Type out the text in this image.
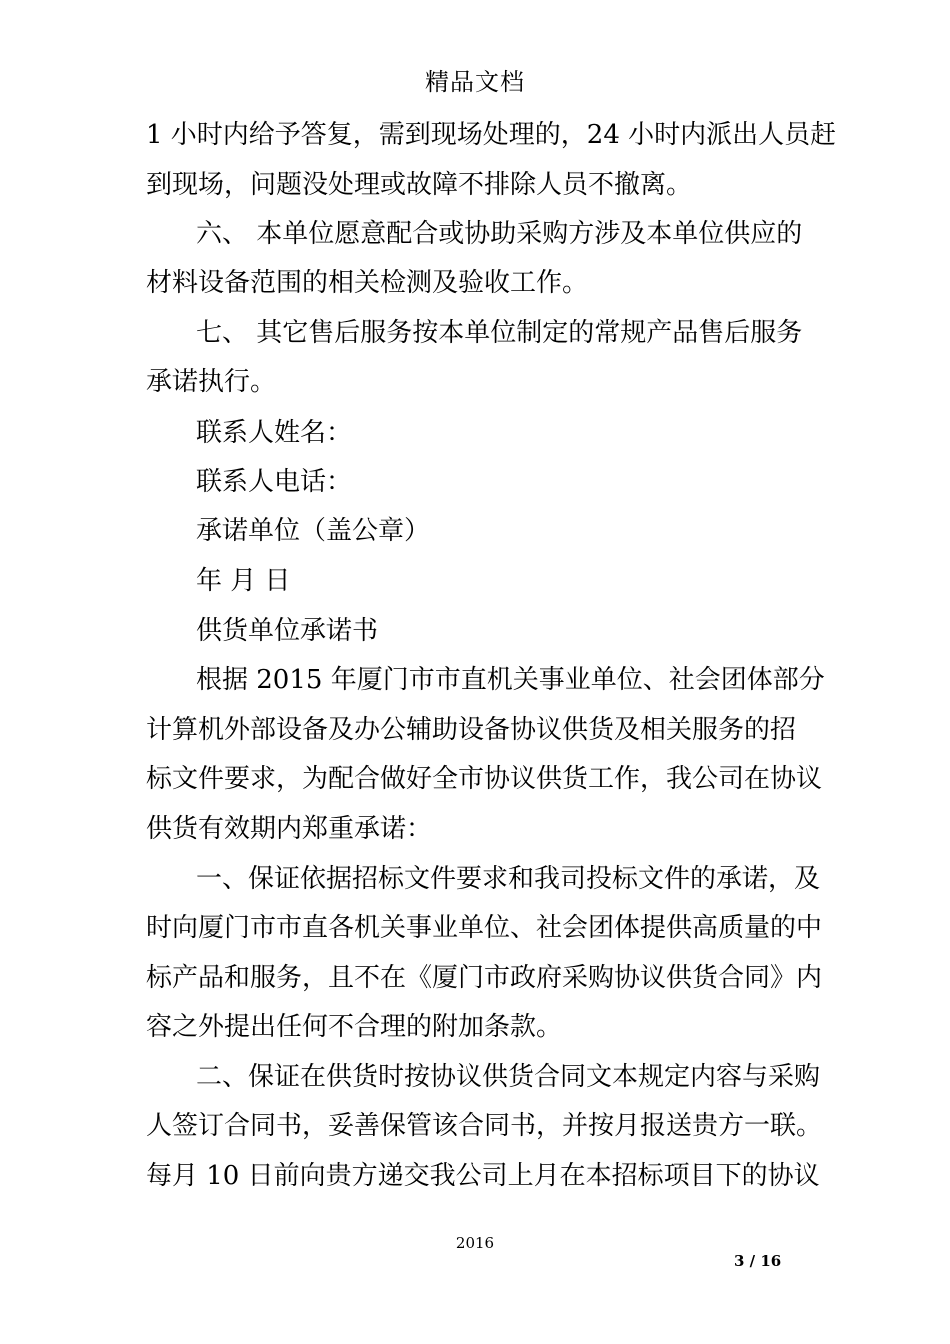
精品文档
1 小时内给予答复，需到现场处理的，24 小时内派出人员赶
到现场，问题没处理或故障不排除人员不撤离。
六、 本单位愿意配合或协助采购方涉及本单位供应的
材料设备范围的相关检测及验收工作。
七、 其它售后服务按本单位制定的常规产品售后服务
承诺执行。
联系人姓名：
联系人电话：
承诺单位（盖公章）
年 月 日
供货单位承诺书
根据 2015 年厦门市市直机关事业单位、社会团体部分
计算机外部设备及办公辅助设备协议供货及相关服务的招
标文件要求，为配合做好全市协议供货工作，我公司在协议
供货有效期内郑重承诺：
一、保证依据招标文件要求和我司投标文件的承诺，及
时向厦门市市直各机关事业单位、社会团体提供高质量的中
标产品和服务，且不在《厦门市政府采购协议供货合同》内
容之外提出任何不合理的附加条款。
二、保证在供货时按协议供货合同文本规定内容与采购
人签订合同书，妥善保管该合同书，并按月报送贵方一联。
每月 10 日前向贵方递交我公司上月在本招标项目下的协议
2016
3 / 16
